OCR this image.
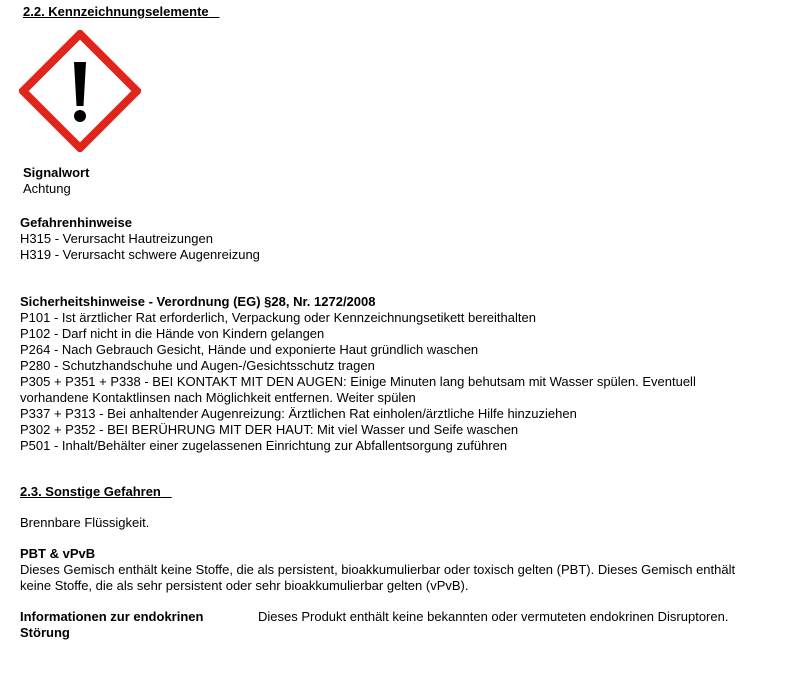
2.2. Kennzeichnungselemente
Signalwort
Achtung
Gefahrenhinweise
H315 - Verursacht Hautreizungen
H319 - Verursacht schwere Augenreizung
Sicherheitshinweise - Verordnung (EG) §28, Nr. 1272/2008
P101 - Ist ärztlicher Rat erforderlich, Verpackung oder Kennzeichnungsetikett bereithalten
P102 - Darf nicht in die Hände von Kindern gelangen
P264 - Nach Gebrauch Gesicht, Hände und exponierte Haut gründlich waschen
P280 - Schutzhandschuhe und Augen-/Gesichtsschutz tragen
P305 + P351 + P338 - BEI KONTAKT MIT DEN AUGEN: Einige Minuten lang behutsam mit Wasser spülen. Eventuell
vorhandene Kontaktlinsen nach Möglichkeit entfernen. Weiter spülen
P337 + P313 - Bei anhaltender Augenreizung: Ärztlichen Rat einholen/ärztliche Hilfe hinzuziehen
P302 + P352 - BEI BERÜHRUNG MIT DER HAUT: Mit viel Wasser und Seife waschen
P501 - Inhalt/Behälter einer zugelassenen Einrichtung zur Abfallentsorgung zuführen
2.3. Sonstige Gefahren
Brennbare Flüssigkeit.
PBT & vPvB
Dieses Gemisch enthält keine Stoffe, die als persistent, bioakkumulierbar oder toxisch gelten (PBT). Dieses Gemisch enthält
keine Stoffe, die als sehr persistent oder sehr bioakkumulierbar gelten (vPvB).
Informationen zur endokrinen
Störung
Dieses Produkt enthält keine bekannten oder vermuteten endokrinen Disruptoren.
